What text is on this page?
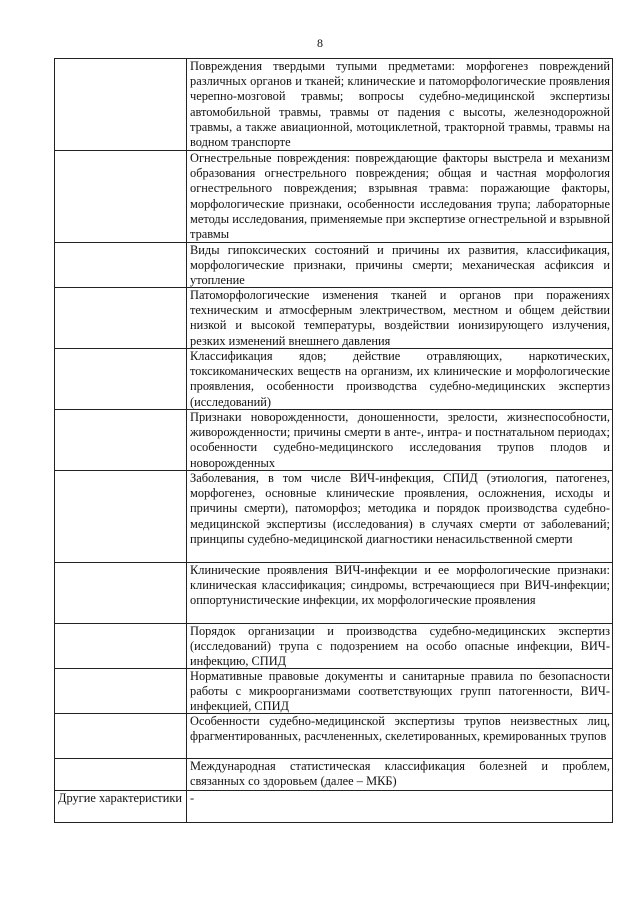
8

	Повреждения твердыми тупыми предметами: морфогенез повреждений различных органов и тканей; клинические и патоморфологические проявления черепно-мозговой травмы; вопросы судебно-медицинской экспертизы автомобильной травмы, травмы от падения с высоты, железнодорожной травмы, а также авиационной, мотоциклетной, тракторной травмы, травмы на водном транспорте

	Огнестрельные повреждения: повреждающие факторы выстрела и механизм образования огнестрельного повреждения; общая и частная морфология огнестрельного повреждения; взрывная травма: поражающие факторы, морфологические признаки, особенности исследования трупа; лабораторные методы исследования, применяемые при экспертизе огнестрельной и взрывной травмы

	Виды гипоксических состояний и причины их развития, классификация, морфологические признаки, причины смерти; механическая асфиксия и утопление

	Патоморфологические изменения тканей и органов при поражениях техническим и атмосферным электричеством, местном и общем действии низкой и высокой температуры, воздействии ионизирующего излучения, резких изменений внешнего давления

	Классификация ядов; действие отравляющих, наркотических, токсикоманических веществ на организм, их клинические и морфологические проявления, особенности производства судебно-медицинских экспертиз (исследований)

	Признаки новорожденности, доношенности, зрелости, жизнеспособности, живорожденности; причины смерти в анте-, интра- и постнатальном периодах; особенности судебно-медицинского исследования трупов плодов и новорожденных

	Заболевания, в том числе ВИЧ-инфекция, СПИД (этиология, патогенез, морфогенез, основные клинические проявления, осложнения, исходы и причины смерти), патоморфоз; методика и порядок производства судебно-медицинской экспертизы (исследования) в случаях смерти от заболеваний; принципы судебно-медицинской диагностики ненасильственной смерти

	Клинические проявления ВИЧ-инфекции и ее морфологические признаки: клиническая классификация; синдромы, встречающиеся при ВИЧ-инфекции; оппортунистические инфекции, их морфологические проявления

	Порядок организации и производства судебно-медицинских экспертиз (исследований) трупа с подозрением на особо опасные инфекции, ВИЧ-инфекцию, СПИД

	Нормативные правовые документы и санитарные правила по безопасности работы с микроорганизмами соответствующих групп патогенности, ВИЧ-инфекцией, СПИД

	Особенности судебно-медицинской экспертизы трупов неизвестных лиц, фрагментированных, расчлененных, скелетированных, кремированных трупов

	Международная статистическая классификация болезней и проблем, связанных со здоровьем (далее – МКБ)

Другие характеристики	-
